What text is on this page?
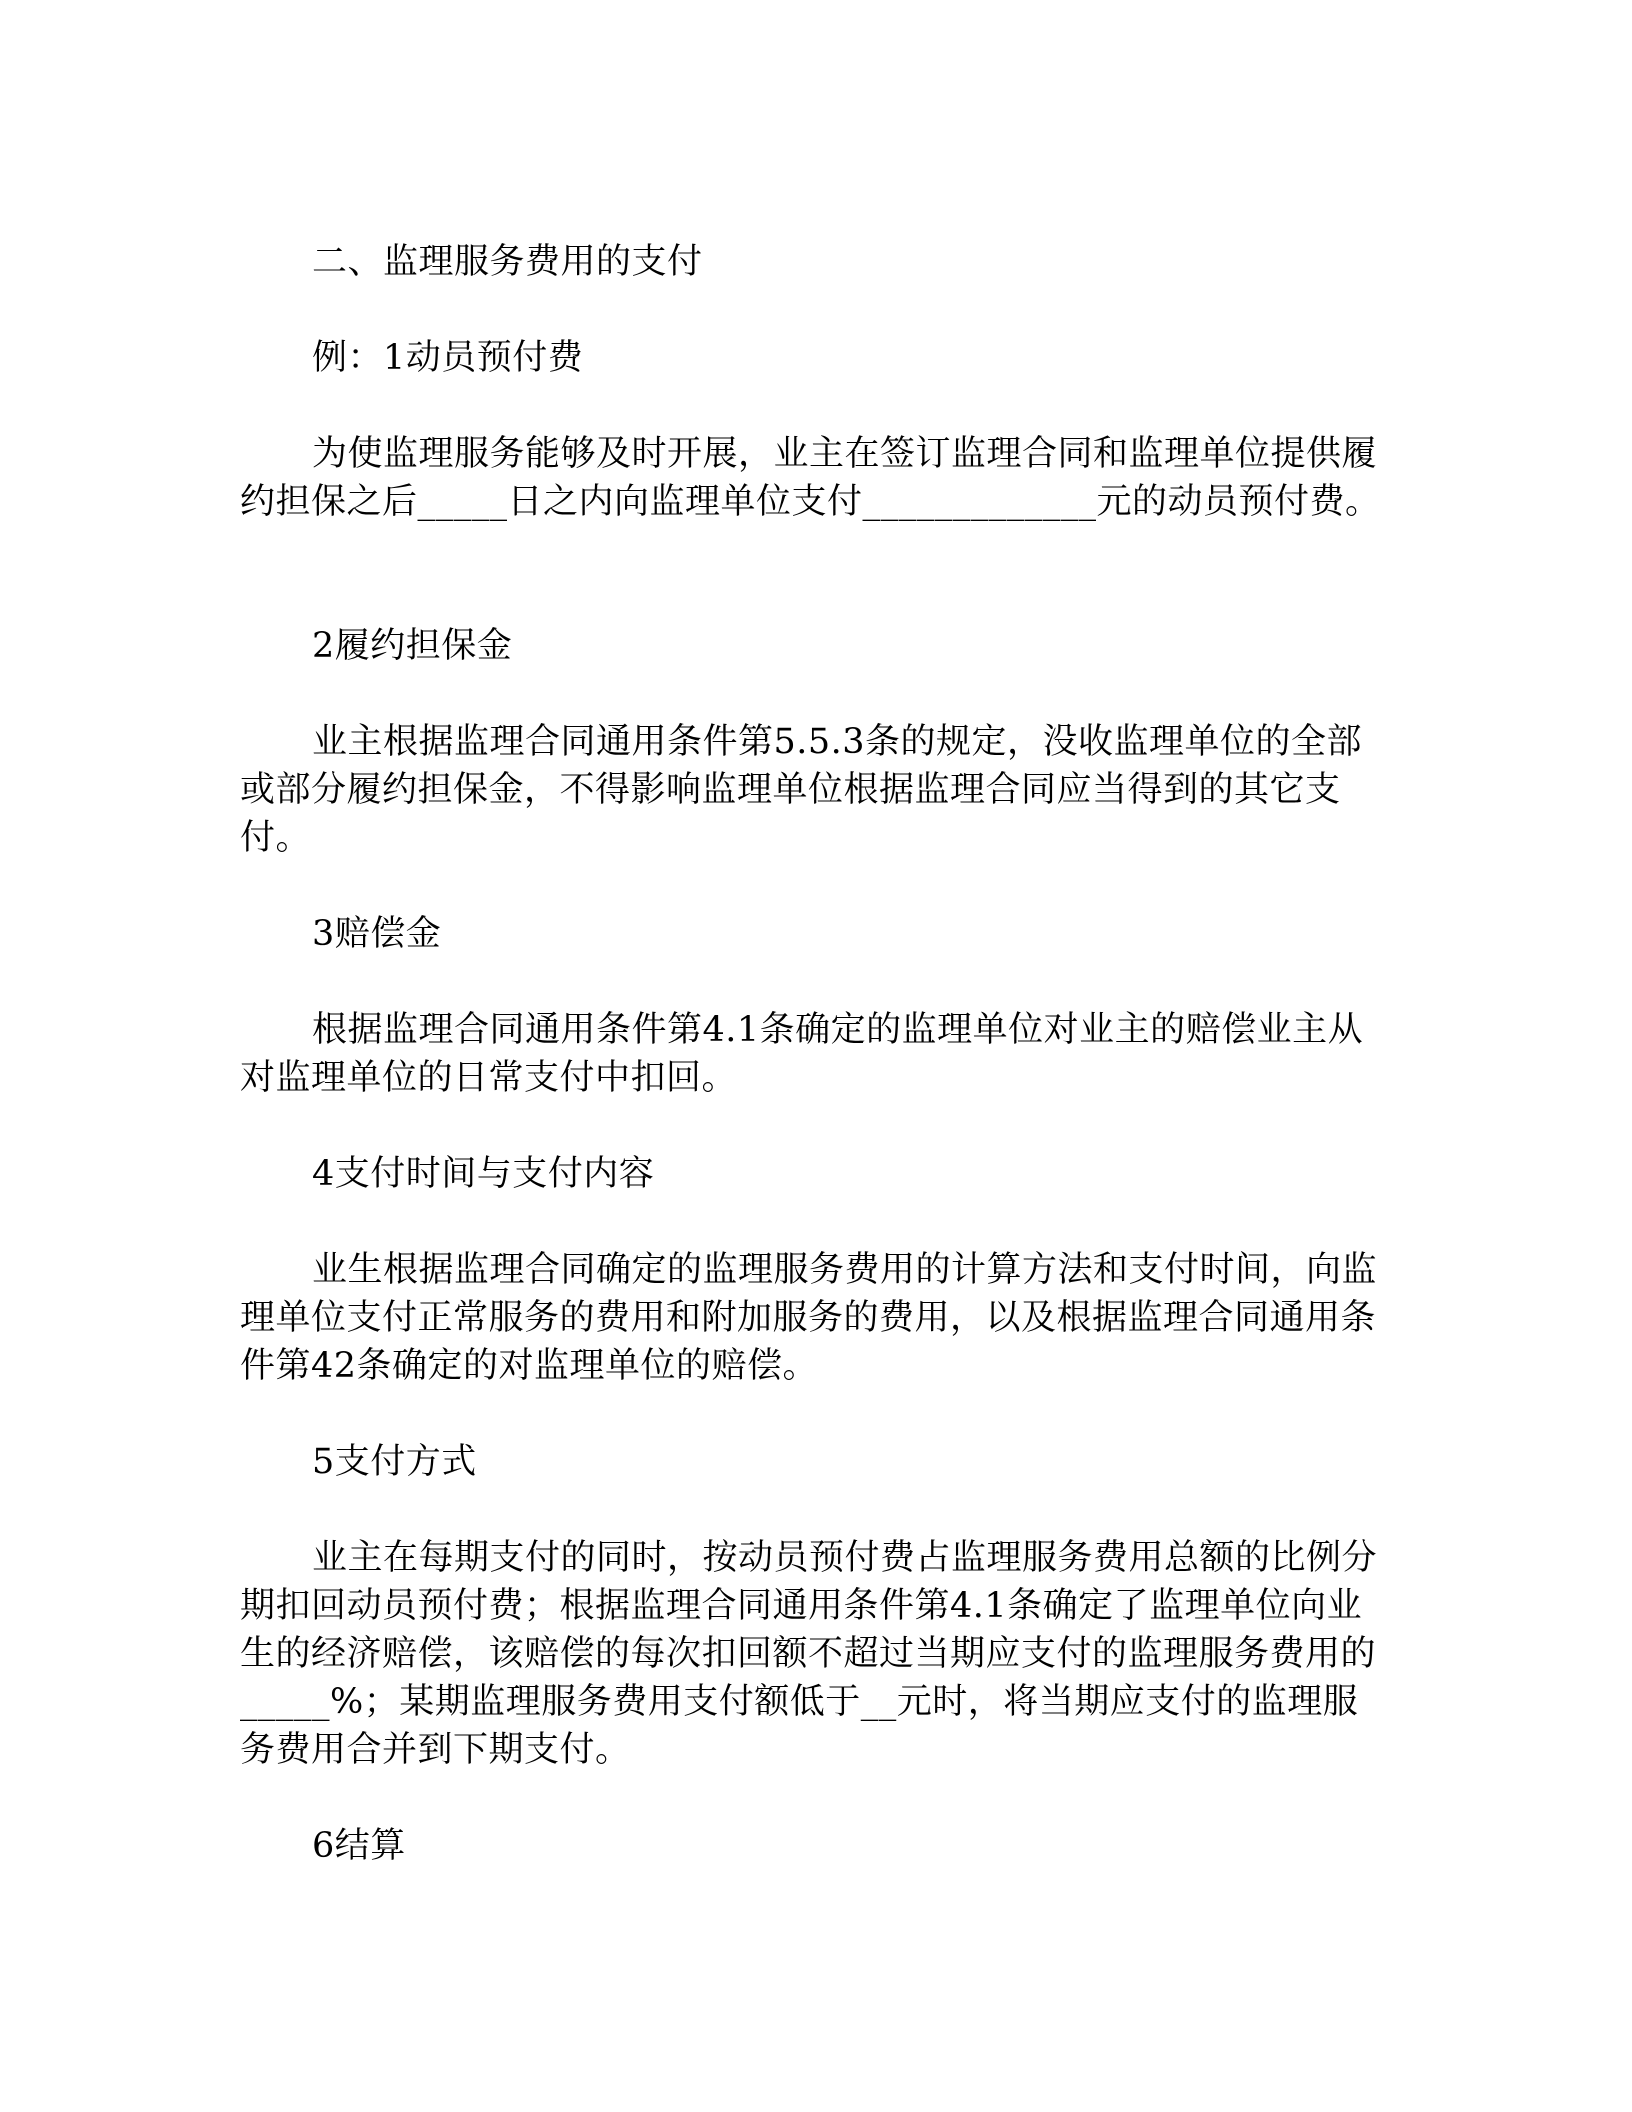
二、监理服务费用的支付

例：1动员预付费

为使监理服务能够及时开展，业主在签订监理合同和监理单位提供履约担保之后_____日之内向监理单位支付_____________元的动员预付费。

2履约担保金

业主根据监理合同通用条件第5.5.3条的规定，没收监理单位的全部或部分履约担保金，不得影响监理单位根据监理合同应当得到的其它支付。

3赔偿金

根据监理合同通用条件第4.1条确定的监理单位对业主的赔偿业主从对监理单位的日常支付中扣回。

4支付时间与支付内容

业生根据监理合同确定的监理服务费用的计算方法和支付时间，向监理单位支付正常服务的费用和附加服务的费用，以及根据监理合同通用条件第42条确定的对监理单位的赔偿。

5支付方式

业主在每期支付的同时，按动员预付费占监理服务费用总额的比例分期扣回动员预付费；根据监理合同通用条件第4.1条确定了监理单位向业生的经济赔偿，该赔偿的每次扣回额不超过当期应支付的监理服务费用的_____%；某期监理服务费用支付额低于__元时，将当期应支付的监理服务费用合并到下期支付。

6结算
